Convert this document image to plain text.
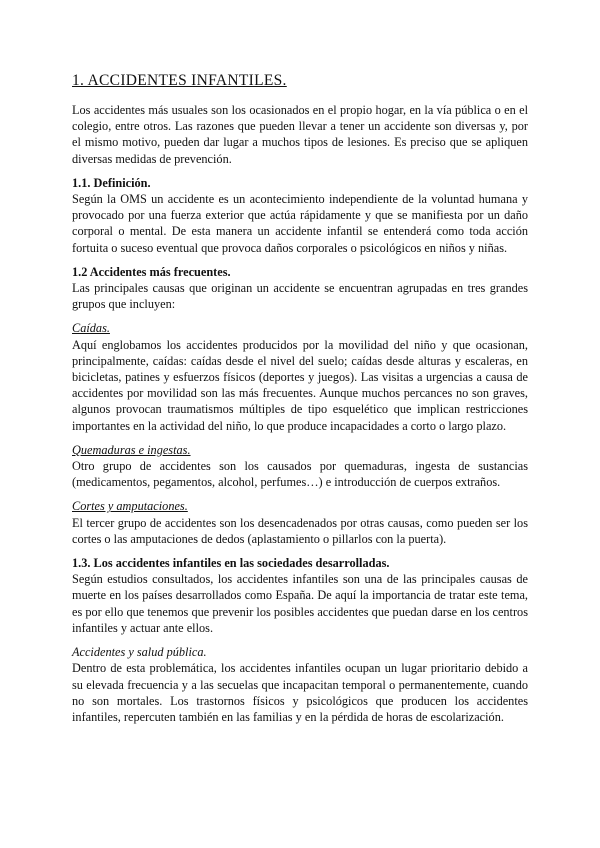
1. ACCIDENTES INFANTILES.

Los accidentes más usuales son los ocasionados en el propio hogar, en la vía pública o en el colegio, entre otros. Las razones que pueden llevar a tener un accidente son diversas y, por el mismo motivo, pueden dar lugar a muchos tipos de lesiones. Es preciso que se apliquen diversas medidas de prevención.

1.1. Definición.

Según la OMS un accidente es un acontecimiento independiente de la voluntad humana y provocado por una fuerza exterior que actúa rápidamente y que se manifiesta por un daño corporal o mental. De esta manera un accidente infantil se entenderá como toda acción fortuita o suceso eventual que provoca daños corporales o psicológicos en niños y niñas.

1.2 Accidentes más frecuentes.

Las principales causas que originan un accidente se encuentran agrupadas en tres grandes grupos que incluyen:

Caídas.

Aquí englobamos los accidentes producidos por la movilidad del niño y que ocasionan, principalmente, caídas: caídas desde el nivel del suelo; caídas desde alturas y escaleras, en bicicletas, patines y esfuerzos físicos (deportes y juegos). Las visitas a urgencias a causa de accidentes por movilidad son las más frecuentes. Aunque muchos percances no son graves, algunos provocan traumatismos múltiples de tipo esquelético que implican restricciones importantes en la actividad del niño, lo que produce incapacidades a corto o largo plazo.

Quemaduras e ingestas.

Otro grupo de accidentes son los causados por quemaduras, ingesta de sustancias (medicamentos, pegamentos, alcohol, perfumes…) e introducción de cuerpos extraños.

Cortes y amputaciones.

El tercer grupo de accidentes son los desencadenados por otras causas, como pueden ser los cortes o las amputaciones de dedos (aplastamiento o pillarlos con la puerta).

1.3. Los accidentes infantiles en las sociedades desarrolladas.

Según estudios consultados, los accidentes infantiles son una de las principales causas de muerte en los países desarrollados como España. De aquí la importancia de tratar este tema, es por ello que tenemos que prevenir los posibles accidentes que puedan darse en los centros infantiles y actuar ante ellos.

Accidentes y salud pública.

Dentro de esta problemática, los accidentes infantiles ocupan un lugar prioritario debido a su elevada frecuencia y a las secuelas que incapacitan temporal o permanentemente, cuando no son mortales. Los trastornos físicos y psicológicos que producen los accidentes infantiles, repercuten también en las familias y en la pérdida de horas de escolarización.
